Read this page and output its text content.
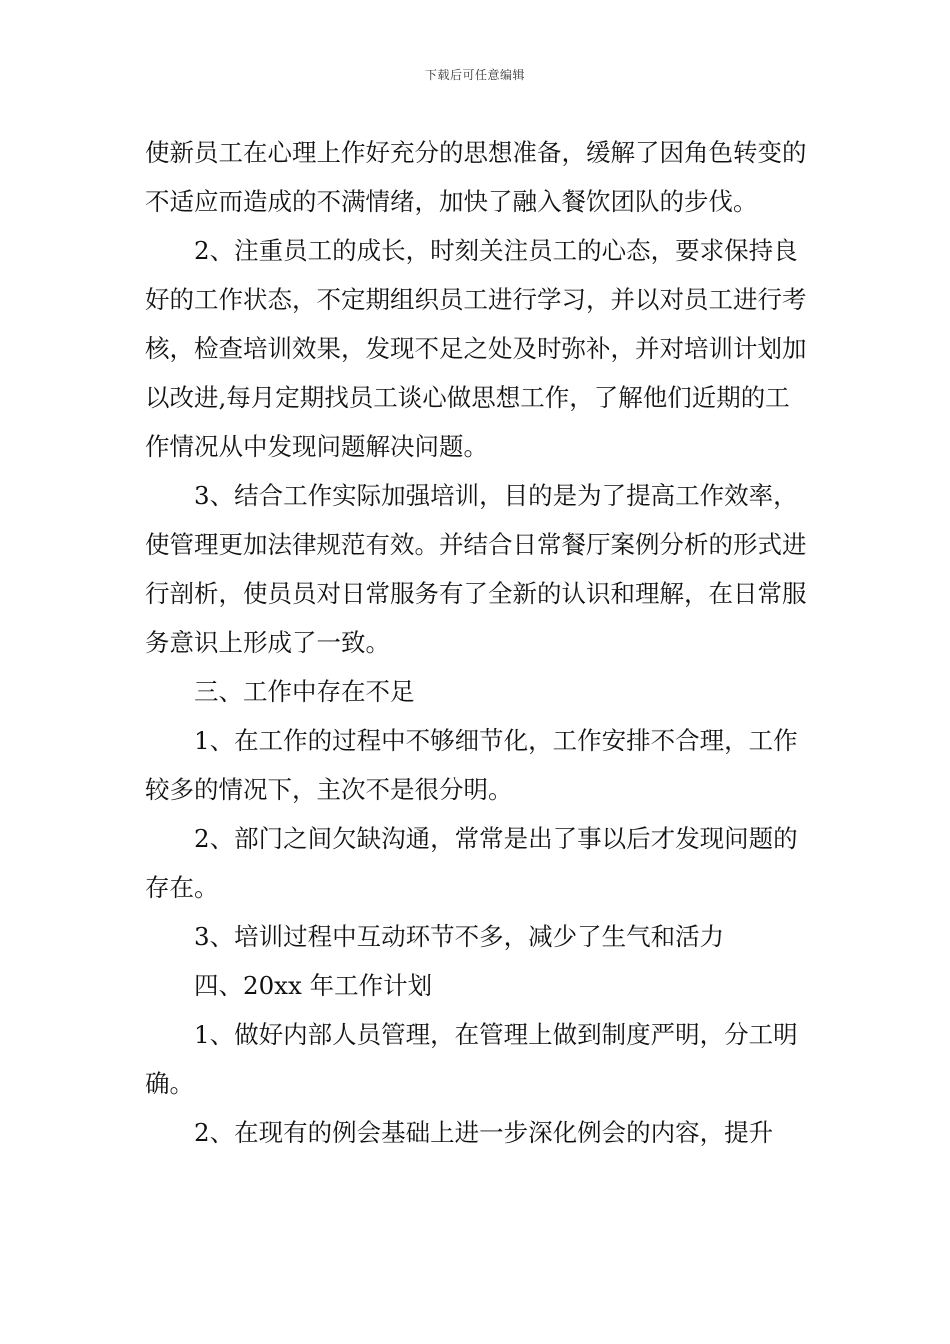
下载后可任意编辑

使新员工在心理上作好充分的思想准备，缓解了因角色转变的不适应而造成的不满情绪，加快了融入餐饮团队的步伐。

2、注重员工的成长，时刻关注员工的心态，要求保持良好的工作状态，不定期组织员工进行学习，并以对员工进行考核，检查培训效果，发现不足之处及时弥补，并对培训计划加以改进,每月定期找员工谈心做思想工作，了解他们近期的工作情况从中发现问题解决问题。

3、结合工作实际加强培训，目的是为了提高工作效率，使管理更加法律规范有效。并结合日常餐厅案例分析的形式进行剖析，使员员对日常服务有了全新的认识和理解，在日常服务意识上形成了一致。

三、工作中存在不足

1、在工作的过程中不够细节化，工作安排不合理，工作较多的情况下，主次不是很分明。

2、部门之间欠缺沟通，常常是出了事以后才发现问题的存在。

3、培训过程中互动环节不多，减少了生气和活力

四、20xx 年工作计划

1、做好内部人员管理，在管理上做到制度严明，分工明确。

2、在现有的例会基础上进一步深化例会的内容，提升
